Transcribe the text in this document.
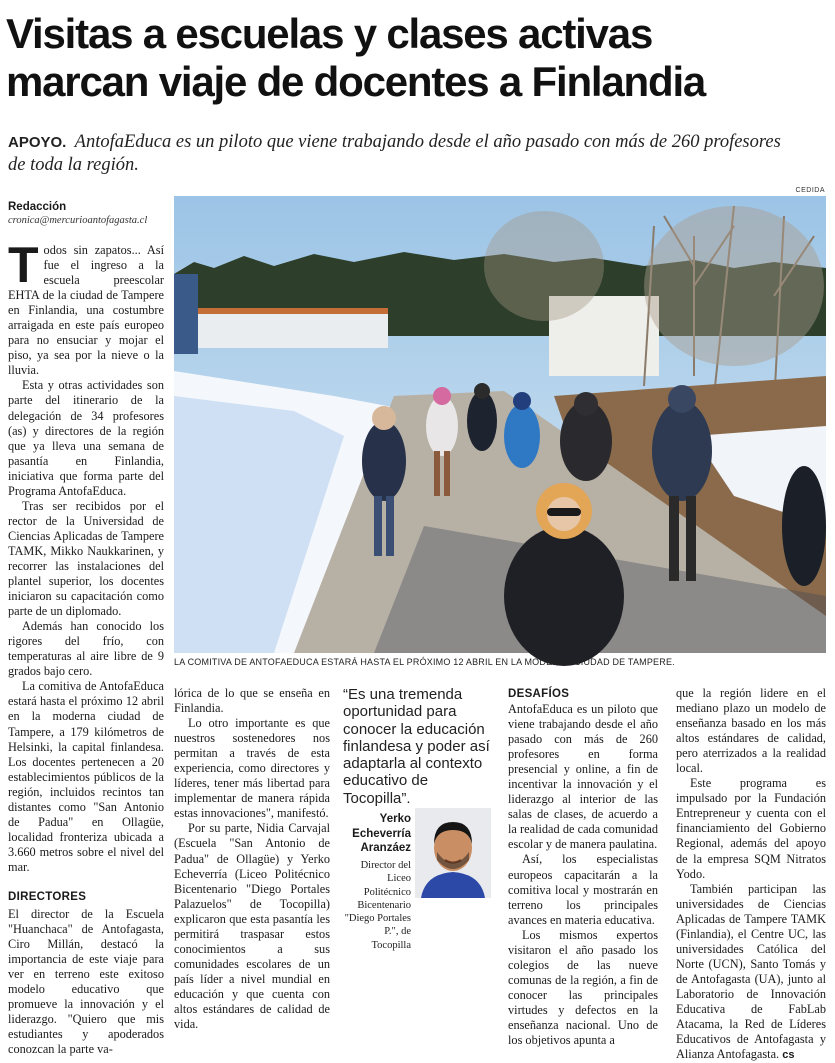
Visitas a escuelas y clases activas
marcan viaje de docentes a Finlandia
APOYO. AntofaEduca es un piloto que viene trabajando desde el año pasado con más de 260 profesores de toda la región.
Redacción
cronica@mercurioantofagasta.cl

Todos sin zapatos... Así fue el ingreso a la escuela preescolar EHTA de la ciudad de Tampere en Finlandia, una costumbre arraigada en este país europeo para no ensuciar y mojar el piso, ya sea por la nieve o la lluvia.

Esta y otras actividades son parte del itinerario de la delegación de 34 profesores (as) y directores de la región que ya lleva una semana de pasantía en Finlandia, iniciativa que forma parte del Programa AntofaEduca.

Tras ser recibidos por el rector de la Universidad de Ciencias Aplicadas de Tampere TAMK, Mikko Naukkarinen, y recorrer las instalaciones del plantel superior, los docentes iniciaron su capacitación como parte de un diplomado.

Además han conocido los rigores del frío, con temperaturas al aire libre de 9 grados bajo cero.

La comitiva de AntofaEduca estará hasta el próximo 12 abril en la moderna ciudad de Tampere, a 179 kilómetros de Helsinki, la capital finlandesa. Los docentes pertenecen a 20 establecimientos públicos de la región, incluidos recintos tan distantes como "San Antonio de Padua" en Ollagüe, localidad fronteriza ubicada a 3.660 metros sobre el nivel del mar.

DIRECTORES

El director de la Escuela "Huanchaca" de Antofagasta, Ciro Millán, destacó la importancia de este viaje para ver en terreno este exitoso modelo educativo que promueve la innovación y el liderazgo. "Quiero que mis estudiantes y apoderados conozcan la parte va-

CEDIDA
LA COMITIVA DE ANTOFAEDUCA ESTARÁ HASTA EL PRÓXIMO 12 ABRIL EN LA MODERNA CIUDAD DE TAMPERE.

lórica de lo que se enseña en Finlandia.

Lo otro importante es que nuestros sostenedores nos permitan a través de esta experiencia, como directores y líderes, tener más libertad para implementar de manera rápida estas innovaciones", manifestó.

Por su parte, Nidia Carvajal (Escuela "San Antonio de Padua" de Ollagüe) y Yerko Echeverría (Liceo Politécnico Bicentenario "Diego Portales Palazuelos" de Tocopilla) explicaron que esta pasantía les permitirá traspasar estos conocimientos a sus comunidades escolares de un país líder a nivel mundial en educación y que cuenta con altos estándares de calidad de vida.

“Es una tremenda oportunidad para conocer la educación finlandesa y poder así adaptarla al contexto educativo de Tocopilla”.
Yerko Echeverría Aranzáez
Director del Liceo Politécnico Bicentenario "Diego Portales P.", de Tocopilla
DESAFÍOS

AntofaEduca es un piloto que viene trabajando desde el año pasado con más de 260 profesores en forma presencial y online, a fin de incentivar la innovación y el liderazgo al interior de las salas de clases, de acuerdo a la realidad de cada comunidad escolar y de manera paulatina.

Así, los especialistas europeos capacitarán a la comitiva local y mostrarán en terreno los principales avances en materia educativa.

Los mismos expertos visitaron el año pasado los colegios de las nueve comunas de la región, a fin de conocer las principales virtudes y defectos en la enseñanza nacional. Uno de los objetivos apunta a

que la región lidere en el mediano plazo un modelo de enseñanza basado en los más altos estándares de calidad, pero aterrizados a la realidad local.

Este programa es impulsado por la Fundación Entrepreneur y cuenta con el financiamiento del Gobierno Regional, además del apoyo de la empresa SQM Nitratos Yodo.

También participan las universidades de Ciencias Aplicadas de Tampere TAMK (Finlandia), el Centre UC, las universidades Católica del Norte (UCN), Santo Tomás y de Antofagasta (UA), junto al Laboratorio de Innovación Educativa de FabLab Atacama, la Red de Líderes Educativos de Antofagasta y Alianza Antofagasta. cs
